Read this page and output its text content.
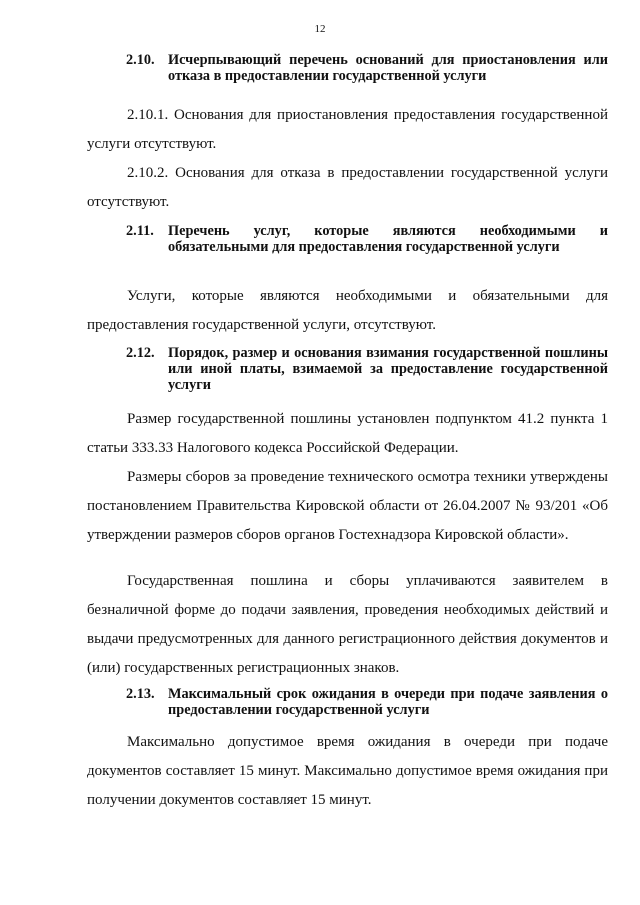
12
2.10. Исчерпывающий перечень оснований для приостановления или отказа в предоставлении государственной услуги

2.10.1. Основания для приостановления предоставления государственной услуги отсутствуют.

2.10.2. Основания для отказа в предоставлении государственной услуги отсутствуют.

2.11. Перечень услуг, которые являются необходимыми и обязательными для предоставления государственной услуги

Услуги, которые являются необходимыми и обязательными для предоставления государственной услуги, отсутствуют.

2.12. Порядок, размер и основания взимания государственной пошлины или иной платы, взимаемой за предоставление государственной услуги

Размер государственной пошлины установлен подпунктом 41.2 пункта 1 статьи 333.33 Налогового кодекса Российской Федерации.

Размеры сборов за проведение технического осмотра техники утверждены постановлением Правительства Кировской области от 26.04.2007 № 93/201 «Об утверждении размеров сборов органов Гостехнадзора Кировской области».

Государственная пошлина и сборы уплачиваются заявителем в безналичной форме до подачи заявления, проведения необходимых действий и выдачи предусмотренных для данного регистрационного действия документов и (или) государственных регистрационных знаков.

2.13. Максимальный срок ожидания в очереди при подаче заявления о предоставлении государственной услуги

Максимально допустимое время ожидания в очереди при подаче документов составляет 15 минут. Максимально допустимое время ожидания при получении документов составляет 15 минут.
